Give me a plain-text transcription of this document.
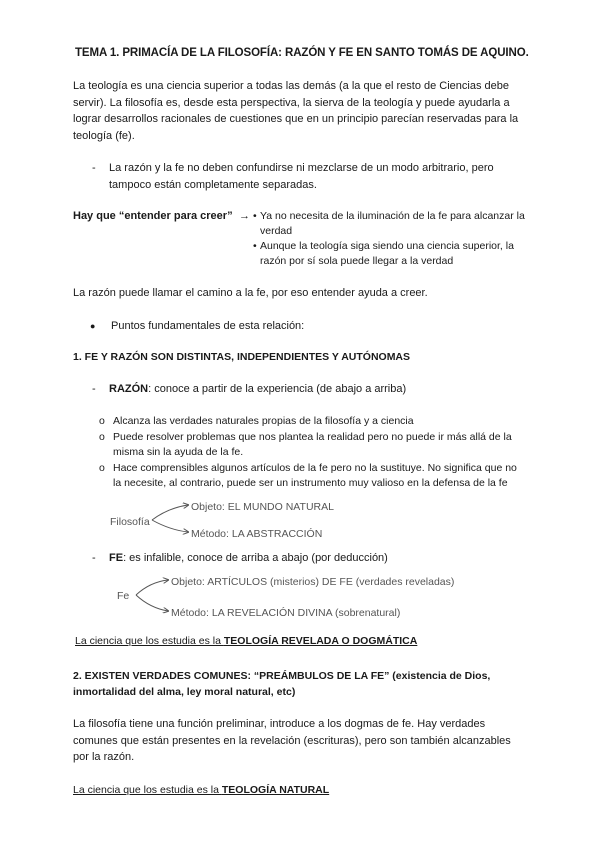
TEMA 1. PRIMACÍA DE LA FILOSOFÍA: RAZÓN Y FE EN SANTO TOMÁS DE AQUINO.
La teología es una ciencia superior a todas las demás (a la que el resto de Ciencias debe servir). La filosofía es, desde esta perspectiva, la sierva de la teología y puede ayudarla a lograr desarrollos racionales de cuestiones que en un principio parecían reservadas para la teología (fe).
- La razón y la fe no deben confundirse ni mezclarse de un modo arbitrario, pero
tampoco están completamente separadas.
Hay que “entender para creer” → • Ya no necesita de la iluminación de la fe para alcanzar la
verdad
• Aunque la teología siga siendo una ciencia superior, la
razón por sí sola puede llegar a la verdad
La razón puede llamar el camino a la fe, por eso entender ayuda a creer.
● Puntos fundamentales de esta relación:
1. FE Y RAZÓN SON DISTINTAS, INDEPENDIENTES Y AUTÓNOMAS
- RAZÓN: conoce a partir de la experiencia (de abajo a arriba)
o Alcanza las verdades naturales propias de la filosofía y a ciencia
o Puede resolver problemas que nos plantea la realidad pero no puede ir más allá de la
misma sin la ayuda de la fe.
o Hace comprensibles algunos artículos de la fe pero no la sustituye. No significa que no
la necesite, al contrario, puede ser un instrumento muy valioso en la defensa de la fe
Filosofía
Objeto: EL MUNDO NATURAL
Método: LA ABSTRACCIÓN
- FE: es infalible, conoce de arriba a abajo (por deducción)
Fe
Objeto: ARTÍCULOS (misterios) DE FE (verdades reveladas)
Método: LA REVELACIÓN DIVINA (sobrenatural)
La ciencia que los estudia es la TEOLOGÍA REVELADA O DOGMÁTICA
2. EXISTEN VERDADES COMUNES: “PREÁMBULOS DE LA FE” (existencia de Dios,
inmortalidad del alma, ley moral natural, etc)
La filosofía tiene una función preliminar, introduce a los dogmas de fe. Hay verdades comunes que están presentes en la revelación (escrituras), pero son también alcanzables por la razón.
La ciencia que los estudia es la TEOLOGÍA NATURAL
